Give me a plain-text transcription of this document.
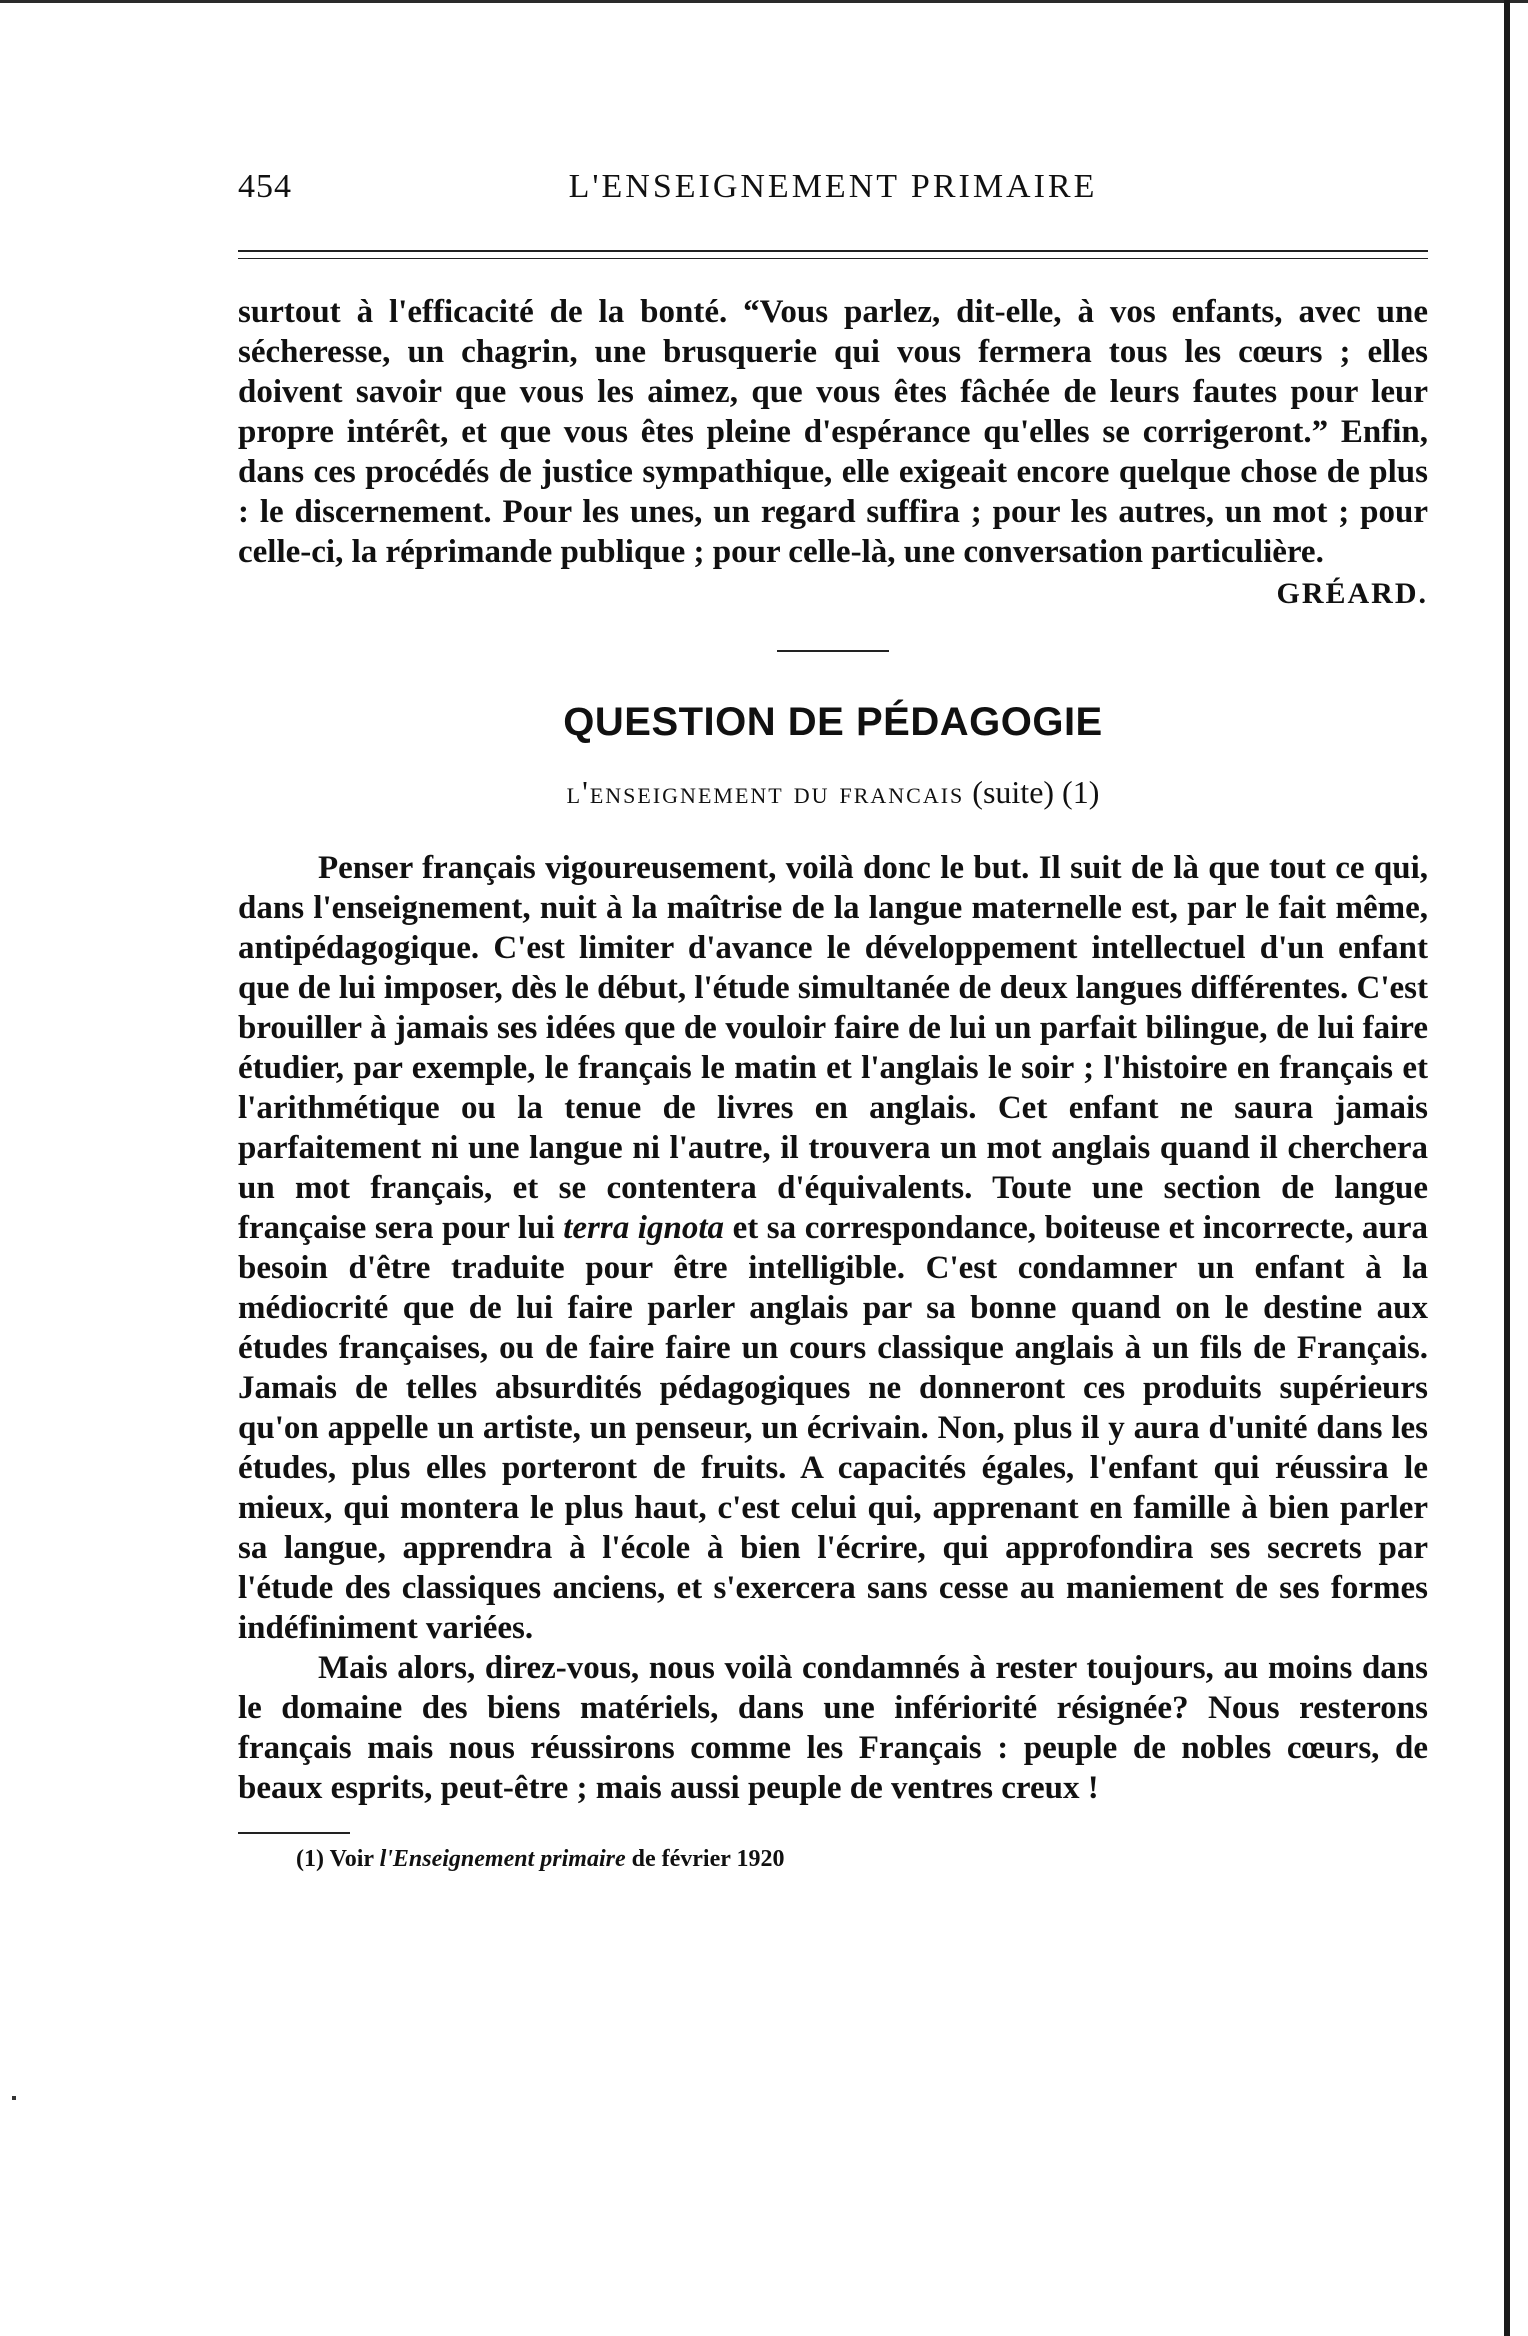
454	L'ENSEIGNEMENT PRIMAIRE

surtout à l'efficacité de la bonté. “Vous parlez, dit-elle, à vos enfants, avec une sécheresse, un chagrin, une brusquerie qui vous fermera tous les cœurs ; elles doivent savoir que vous les aimez, que vous êtes fâchée de leurs fautes pour leur propre intérêt, et que vous êtes pleine d'espérance qu'elles se corrigeront.” Enfin, dans ces procédés de justice sympathique, elle exigeait encore quelque chose de plus : le discernement. Pour les unes, un regard suffira ; pour les autres, un mot ; pour celle-ci, la réprimande publique ; pour celle-là, une conversation particulière.

GRÉARD.
QUESTION DE PÉDAGOGIE
l'enseignement du francais (suite) (1)

Penser français vigoureusement, voilà donc le but. Il suit de là que tout ce qui, dans l'enseignement, nuit à la maîtrise de la langue maternelle est, par le fait même, antipédagogique. C'est limiter d'avance le développement intellectuel d'un enfant que de lui imposer, dès le début, l'étude simultanée de deux langues différentes. C'est brouiller à jamais ses idées que de vouloir faire de lui un parfait bilingue, de lui faire étudier, par exemple, le français le matin et l'anglais le soir ; l'histoire en français et l'arithmétique ou la tenue de livres en anglais. Cet enfant ne saura jamais parfaitement ni une langue ni l'autre, il trouvera un mot anglais quand il cherchera un mot français, et se contentera d'équivalents. Toute une section de langue française sera pour lui terra ignota et sa correspondance, boiteuse et incorrecte, aura besoin d'être traduite pour être intelligible. C'est condamner un enfant à la médiocrité que de lui faire parler anglais par sa bonne quand on le destine aux études françaises, ou de faire faire un cours classique anglais à un fils de Français. Jamais de telles absurdités pédagogiques ne donneront ces produits supérieurs qu'on appelle un artiste, un penseur, un écrivain. Non, plus il y aura d'unité dans les études, plus elles porteront de fruits. A capacités égales, l'enfant qui réussira le mieux, qui montera le plus haut, c'est celui qui, apprenant en famille à bien parler sa langue, apprendra à l'école à bien l'écrire, qui approfondira ses secrets par l'étude des classiques anciens, et s'exercera sans cesse au maniement de ses formes indéfiniment variées.

Mais alors, direz-vous, nous voilà condamnés à rester toujours, au moins dans le domaine des biens matériels, dans une infériorité résignée? Nous resterons français mais nous réussirons comme les Français : peuple de nobles cœurs, de beaux esprits, peut-être ; mais aussi peuple de ventres creux !

(1) Voir l'Enseignement primaire de février 1920
